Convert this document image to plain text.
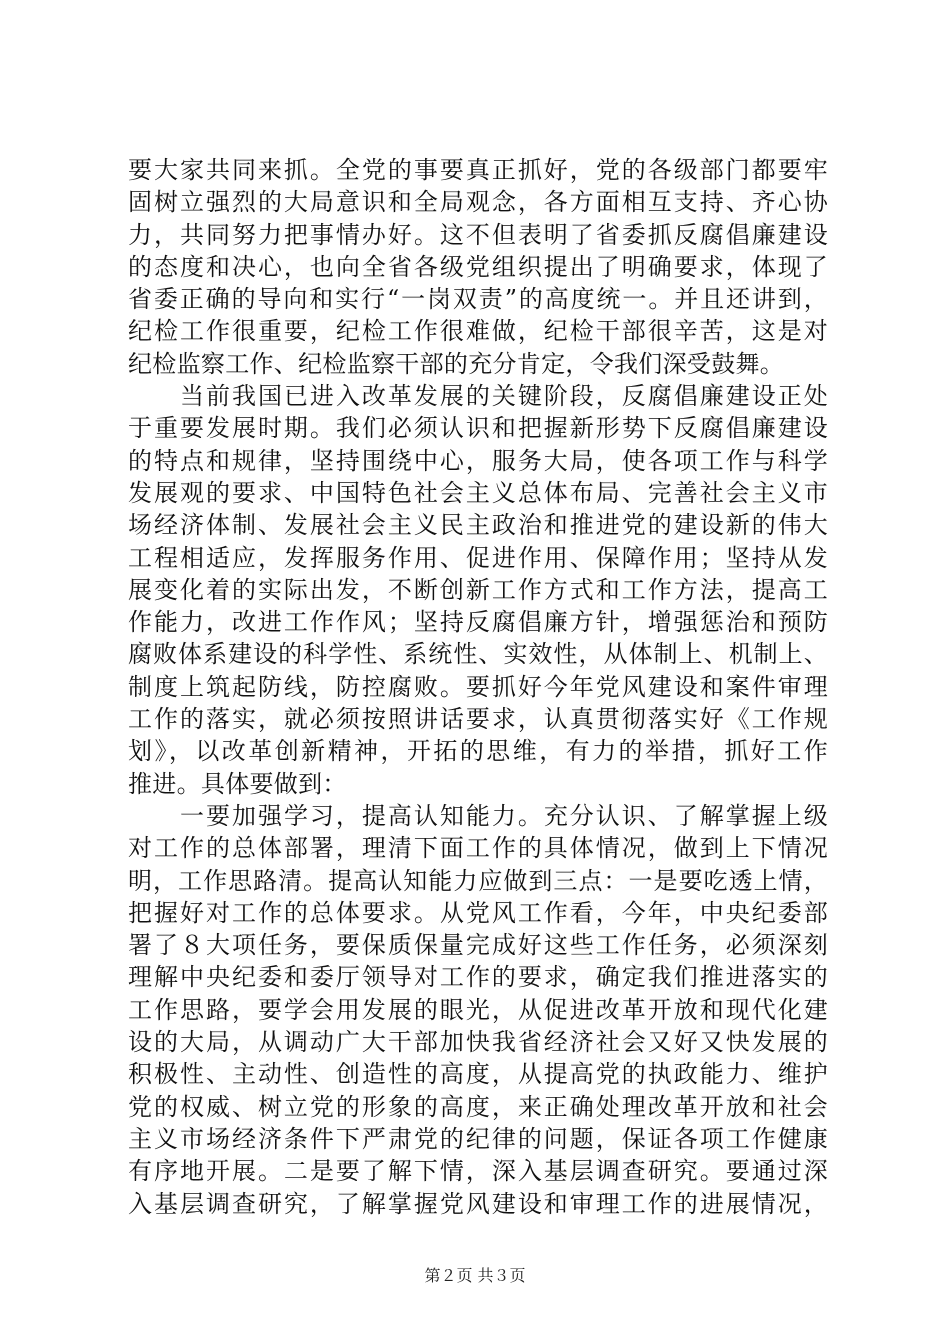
要大家共同来抓。全党的事要真正抓好，党的各级部门都要牢
固树立强烈的大局意识和全局观念，各方面相互支持、齐心协
力，共同努力把事情办好。这不但表明了省委抓反腐倡廉建设
的态度和决心，也向全省各级党组织提出了明确要求，体现了
省委正确的导向和实行“一岗双责”的高度统一。并且还讲到，
纪检工作很重要，纪检工作很难做，纪检干部很辛苦，这是对
纪检监察工作、纪检监察干部的充分肯定，令我们深受鼓舞。
当前我国已进入改革发展的关键阶段，反腐倡廉建设正处
于重要发展时期。我们必须认识和把握新形势下反腐倡廉建设
的特点和规律，坚持围绕中心，服务大局，使各项工作与科学
发展观的要求、中国特色社会主义总体布局、完善社会主义市
场经济体制、发展社会主义民主政治和推进党的建设新的伟大
工程相适应，发挥服务作用、促进作用、保障作用；坚持从发
展变化着的实际出发，不断创新工作方式和工作方法，提高工
作能力，改进工作作风；坚持反腐倡廉方针，增强惩治和预防
腐败体系建设的科学性、系统性、实效性，从体制上、机制上、
制度上筑起防线，防控腐败。要抓好今年党风建设和案件审理
工作的落实，就必须按照讲话要求，认真贯彻落实好《工作规
划》，以改革创新精神，开拓的思维，有力的举措，抓好工作
推进。具体要做到：
一要加强学习，提高认知能力。充分认识、了解掌握上级
对工作的总体部署，理清下面工作的具体情况，做到上下情况
明，工作思路清。提高认知能力应做到三点：一是要吃透上情，
把握好对工作的总体要求。从党风工作看，今年，中央纪委部
署了８大项任务，要保质保量完成好这些工作任务，必须深刻
理解中央纪委和委厅领导对工作的要求，确定我们推进落实的
工作思路，要学会用发展的眼光，从促进改革开放和现代化建
设的大局，从调动广大干部加快我省经济社会又好又快发展的
积极性、主动性、创造性的高度，从提高党的执政能力、维护
党的权威、树立党的形象的高度，来正确处理改革开放和社会
主义市场经济条件下严肃党的纪律的问题，保证各项工作健康
有序地开展。二是要了解下情，深入基层调查研究。要通过深
入基层调查研究，了解掌握党风建设和审理工作的进展情况，
第２页 共３页
